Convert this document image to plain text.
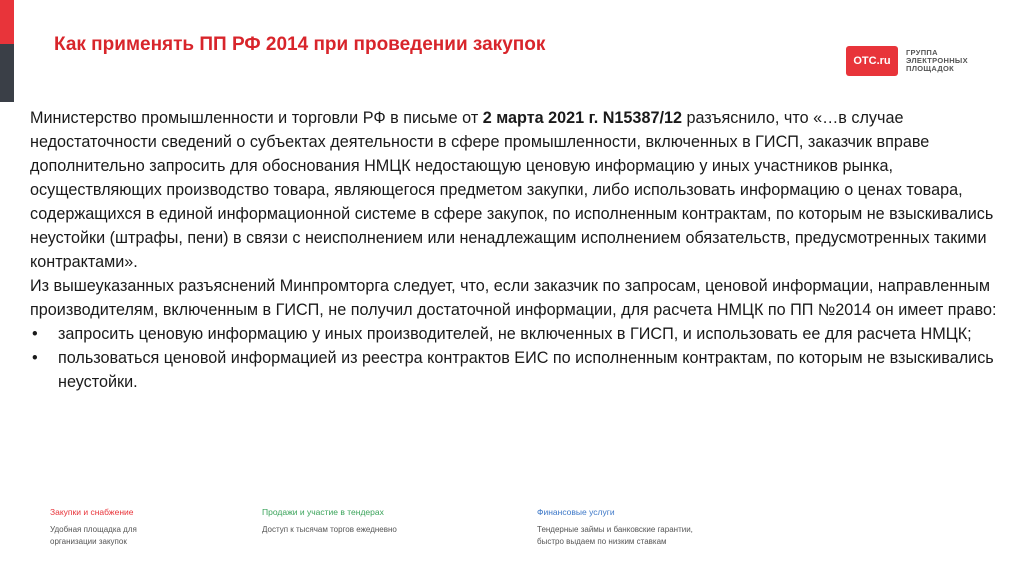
Как применять ПП РФ 2014 при проведении закупок
OTC.ru
ГРУППА
ЭЛЕКТРОННЫХ
ПЛОЩАДОК

Министерство промышленности и торговли РФ в письме от 2 марта 2021 г. N15387/12 разъяснило, что «…в случае недостаточности сведений о субъектах деятельности в сфере промышленности, включенных в ГИСП, заказчик вправе дополнительно запросить для обоснования НМЦК недостающую ценовую информацию у иных участников рынка, осуществляющих производство товара, являющегося предметом закупки, либо использовать информацию о ценах товара, содержащихся в единой информационной системе в сфере закупок, по исполненным контрактам, по которым не взыскивались неустойки (штрафы, пени) в связи с неисполнением или ненадлежащим исполнением обязательств, предусмотренных такими контрактами».

Из вышеуказанных разъяснений Минпромторга следует, что, если заказчик по запросам, ценовой информации, направленным производителям, включенным в ГИСП, не получил достаточной информации, для расчета НМЦК по ПП №2014 он имеет право:

• запросить ценовую информацию у иных производителей, не включенных в ГИСП, и использовать ее для расчета НМЦК;
• пользоваться ценовой информацией из реестра контрактов ЕИС по исполненным контрактам, по которым не взыскивались неустойки.
Закупки и снабжение
Удобная площадка для
организации закупок
Продажи и участие в тендерах
Доступ к тысячам торгов ежедневно
Финансовые услуги
Тендерные займы и банковские гарантии,
быстро выдаем по низким ставкам
